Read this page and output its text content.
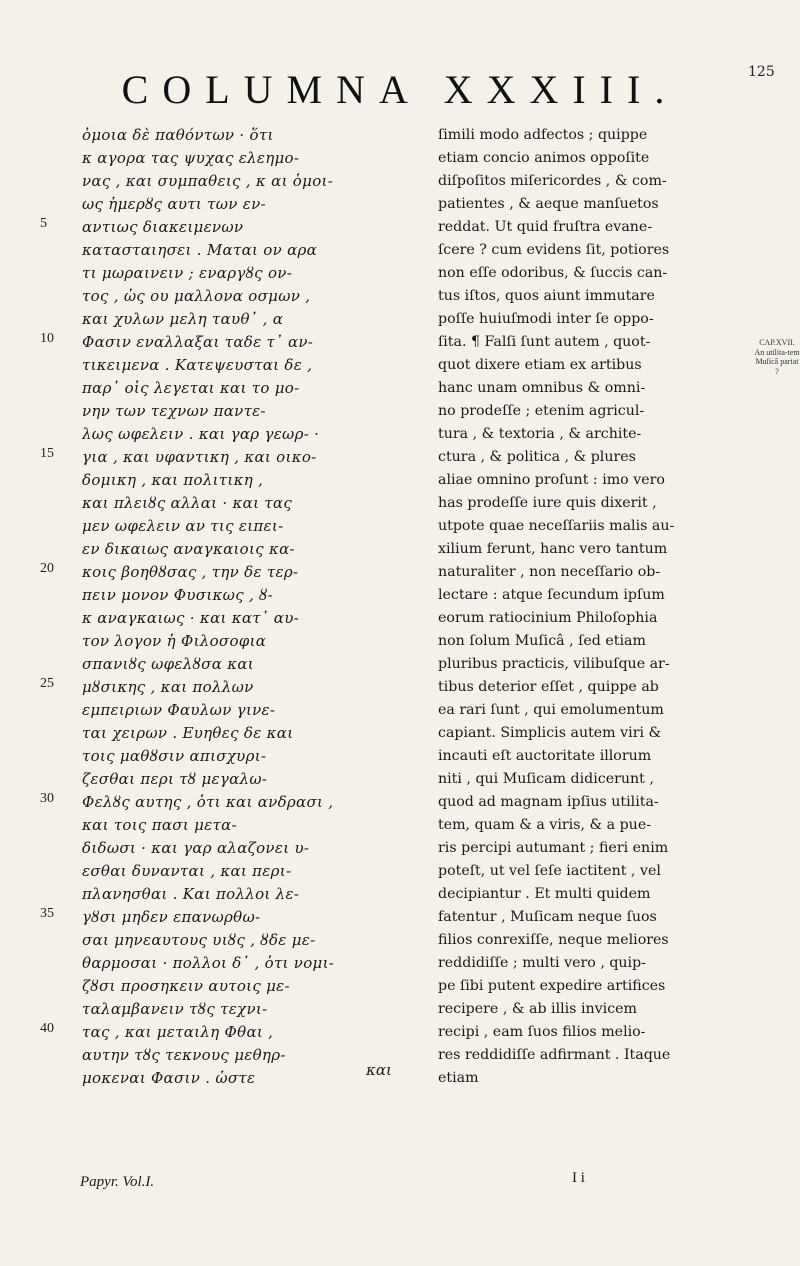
COLUMNA XXXIII.	125
ὁμοια δὲ παθόντων · ὅτι
κ αγορα τας ψυχας ελεημο-
νας , και συμπαθεις , κ αι ὁμοι-
ως ἡμερȣς αυτι των εν-
αντιως διακειμενων
κατασταιησει . Μαται ον αρα
τι μωραινειν ; εναργȣς ον-
τος , ὡς ου μαλλονα οσμων ,
και χυλων μελη ταυθ᾿ , α
Φασιν εναλλαξαι ταδε τ᾿ αν-
τικειμενα . Κατεψευσται δε ,
παρ᾿ οἱς λεγεται και το μο-
νην των τεχνων παντε-
λως ωφελειν . και γαρ γεωρ- ·
για , και υφαντικη , και οικο-
δομικη , και πολιτικη ,
και πλειȣς αλλαι · και τας
μεν ωφελειν αν τις ειπει-
εν δικαιως αναγκαιοις κα-
κοις βοηθȣσας , την δε τερ-
πειν μονον Φυσικως , ȣ-
κ αναγκαιως · και κατ᾿ αυ-
τον λογον ἡ Φιλοσοφια
σπανιȣς ωφελȣσα και
μȣσικης , και πολλων
εμπειριων Φαυλων γινε-
ται χειρων . Ευηθες δε και
τοις μαθȣσιν απισχυρι-
ζεσθαι περι τȣ μεγαλω-
Φελȣς αυτης , ὁτι και ανδρασι ,
και τοις πασι μετα-
διδωσι · και γαρ αλαζονει υ-
εσθαι δυνανται , και περι-
πλανησθαι . Και πολλοι λε-
γȣσι μηδεν επανωρθω-
σαι μηνεαυτους υιȣς , ȣδε με-
θαρμοσαι · πολλοι δ᾿ , ὁτι νομι-
ζȣσι προσηκειν αυτοις με-
ταλαμβανειν τȣς τεχνι-
τας , και μεταιλη Φθαι ,
αυτην τȣς τεκνους μεθηρ-
μοκεναι Φασιν . ὡστε
ſimili modo adfectos ; quippe
etiam concio animos oppoſite
diſpoſitos miſericordes , & com-
patientes , & aeque manſuetos
reddat. Ut quid fruſtra evane-
ſcere ? cum evidens ſit, potiores
non eſſe odoribus, & ſuccis can-
tus iſtos, quos aiunt immutare
poſſe huiuſmodi inter ſe oppo-
ſita. ¶ Falſi ſunt autem , quot-
quot dixere etiam ex artibus
hanc unam omnibus & omni-
no prodeſſe ; etenim agricul-
tura , & textoria , & archite-
ctura , & politica , & plures
aliae omnino proſunt : imo vero
has prodeſſe iure quis dixerit ,
utpote quae neceſſariis malis au-
xilium ferunt, hanc vero tantum
naturaliter , non neceſſario ob-
lectare : atque ſecundum ipſum
eorum ratiocinium Philoſophia
non ſolum Muſicâ , ſed etiam
pluribus practicis, vilibuſque ar-
tibus deterior eſſet , quippe ab
ea rari ſunt , qui emolumentum
capiant. Simplicis autem viri &
incauti eſt auctoritate illorum
niti , qui Muſicam didicerunt ,
quod ad magnam ipſius utilita-
tem, quam & a viris, & a pue-
ris percipi autumant ; fieri enim
poteſt, ut vel ſeſe iactitent , vel
decipiantur . Et multi quidem
fatentur , Muſicam neque ſuos
filios conrexiſſe, neque meliores
reddidiſſe ; multi vero , quip-
pe ſibi putent expedire artifices
recipere , & ab illis invicem
recipi , eam ſuos filios melio-
res reddidiſſe adfirmant . Itaque
etiam
5
10
15
20
25
30
35
40
CAP.XVII.
An utilita-tem Muſicâ pariat ?
και
Papyr. Vol.I.	I i
